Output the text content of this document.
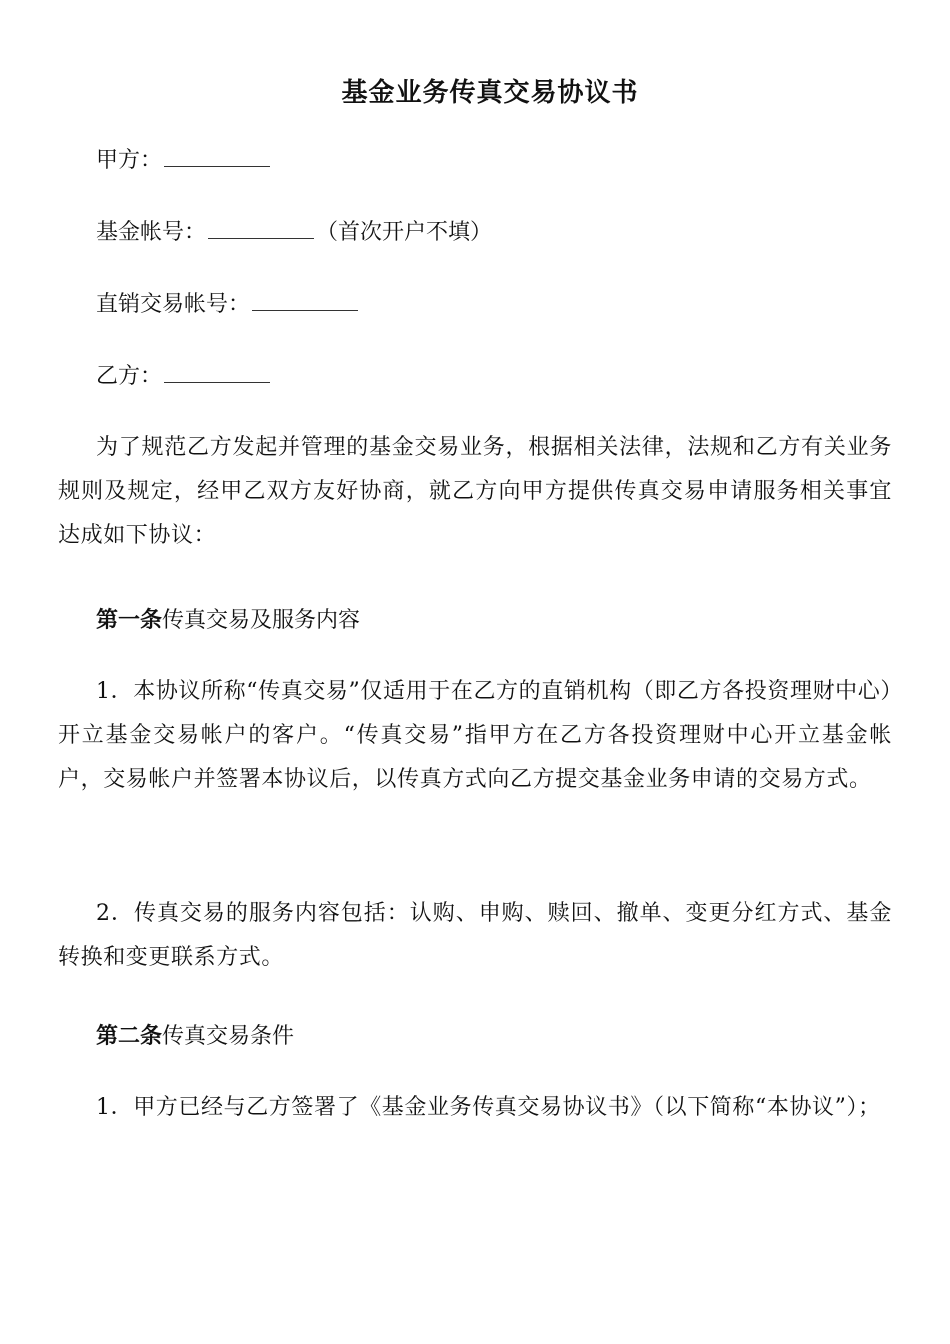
基金业务传真交易协议书
甲方：
基金帐号：	（首次开户不填）
直销交易帐号：
乙方：

为了规范乙方发起并管理的基金交易业务，根据相关法律，法规和乙方有关业务规则及规定，经甲乙双方友好协商，就乙方向甲方提供传真交易申请服务相关事宜达成如下协议：

第一条传真交易及服务内容

1．本协议所称“传真交易”仅适用于在乙方的直销机构（即乙方各投资理财中心）开立基金交易帐户的客户。“传真交易”指甲方在乙方各投资理财中心开立基金帐户，交易帐户并签署本协议后，以传真方式向乙方提交基金业务申请的交易方式。

2．传真交易的服务内容包括：认购、申购、赎回、撤单、变更分红方式、基金转换和变更联系方式。

第二条传真交易条件

1．甲方已经与乙方签署了《基金业务传真交易协议书》（以下简称“本协议”）；
